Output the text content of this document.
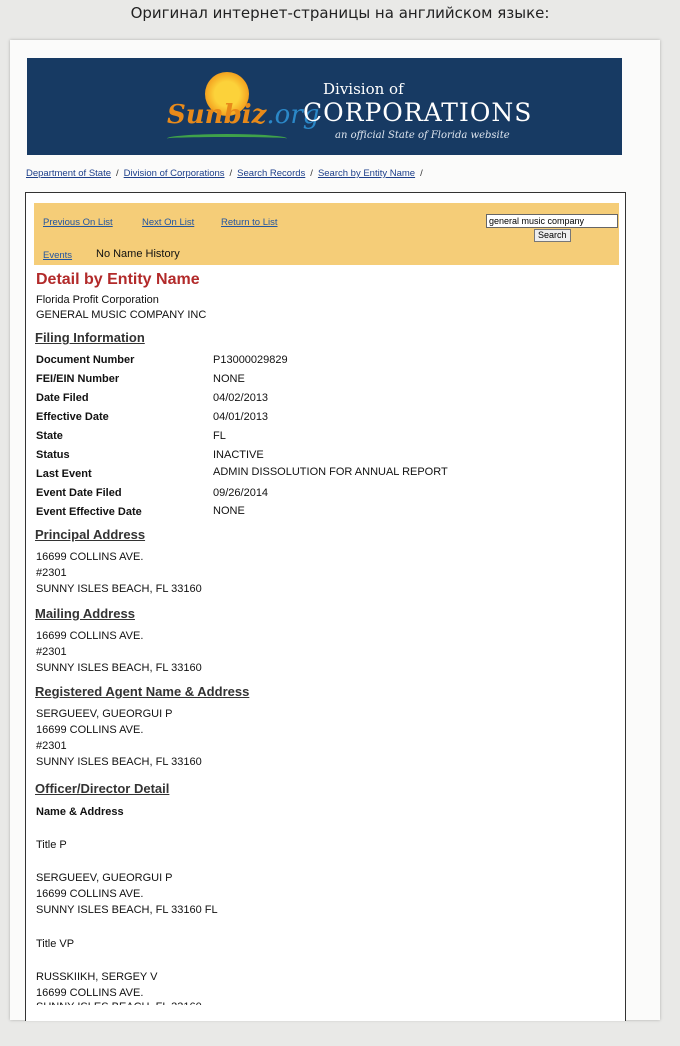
Оригинал интернет-страницы на английском языке:
Sunbiz.org
Division of
CORPORATIONS
an official State of Florida website
Department of State / Division of Corporations / Search Records / Search by Entity Name /
Previous On List	Next On List	Return to List
Events No Name History
general music company
Search
Detail by Entity Name
Florida Profit Corporation
GENERAL MUSIC COMPANY INC
Filing Information
Document Number	P13000029829
FEI/EIN Number	NONE
Date Filed	04/02/2013
Effective Date	04/01/2013
State	FL
Status	INACTIVE
Last Event	ADMIN DISSOLUTION FOR ANNUAL REPORT
Event Date Filed	09/26/2014
Event Effective Date	NONE
Principal Address
16699 COLLINS AVE.
#2301
SUNNY ISLES BEACH, FL 33160
Mailing Address
16699 COLLINS AVE.
#2301
SUNNY ISLES BEACH, FL 33160
Registered Agent Name & Address
SERGUEEV, GUEORGUI P
16699 COLLINS AVE.
#2301
SUNNY ISLES BEACH, FL 33160
Officer/Director Detail
Name & Address
Title P
SERGUEEV, GUEORGUI P
16699 COLLINS AVE.
SUNNY ISLES BEACH, FL 33160 FL
Title VP
RUSSKIIKH, SERGEY V
16699 COLLINS AVE.
